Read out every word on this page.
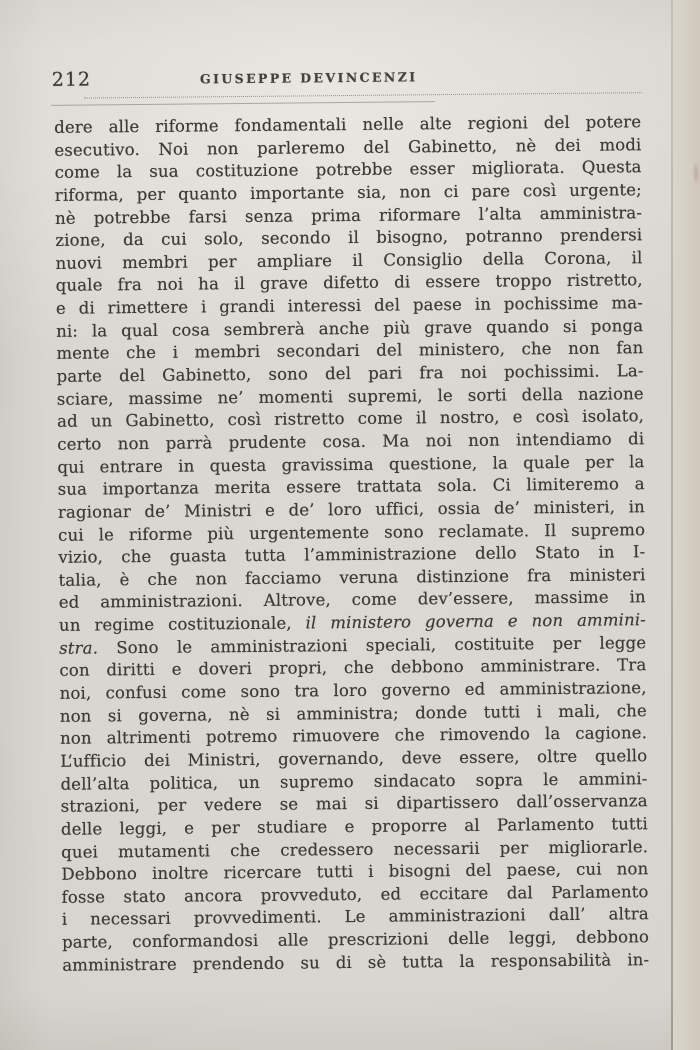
212	GIUSEPPE DEVINCENZI
dere alle riforme fondamentali nelle alte regioni del potere
esecutivo. Noi non parleremo del Gabinetto, nè dei modi
come la sua costituzione potrebbe esser migliorata. Questa
riforma, per quanto importante sia, non ci pare così urgente;
nè potrebbe farsi senza prima riformare l’alta amministra-
zione, da cui solo, secondo il bisogno, potranno prendersi
nuovi membri per ampliare il Consiglio della Corona, il
quale fra noi ha il grave difetto di essere troppo ristretto,
e di rimettere i grandi interessi del paese in pochissime ma-
ni: la qual cosa sembrerà anche più grave quando si ponga
mente che i membri secondari del ministero, che non fan
parte del Gabinetto, sono del pari fra noi pochissimi. La-
sciare, massime ne’ momenti supremi, le sorti della nazione
ad un Gabinetto, così ristretto come il nostro, e così isolato,
certo non parrà prudente cosa. Ma noi non intendiamo di
qui entrare in questa gravissima questione, la quale per la
sua importanza merita essere trattata sola. Ci limiteremo a
ragionar de’ Ministri e de’ loro uffici, ossia de’ ministeri, in
cui le riforme più urgentemente sono reclamate. Il supremo
vizio, che guasta tutta l’amministrazione dello Stato in I-
talia, è che non facciamo veruna distinzione fra ministeri
ed amministrazioni. Altrove, come dev’essere, massime in
un regime costituzionale, il ministero governa e non ammini-
stra. Sono le amministrazioni speciali, costituite per legge
con diritti e doveri propri, che debbono amministrare. Tra
noi, confusi come sono tra loro governo ed amministrazione,
non si governa, nè si amministra; donde tutti i mali, che
non altrimenti potremo rimuovere che rimovendo la cagione.
L’ufficio dei Ministri, governando, deve essere, oltre quello
dell’alta politica, un supremo sindacato sopra le ammini-
strazioni, per vedere se mai si dipartissero dall’osservanza
delle leggi, e per studiare e proporre al Parlamento tutti
quei mutamenti che credessero necessarii per migliorarle.
Debbono inoltre ricercare tutti i bisogni del paese, cui non
fosse stato ancora provveduto, ed eccitare dal Parlamento
i necessari provvedimenti. Le amministrazioni dall’ altra
parte, conformandosi alle prescrizioni delle leggi, debbono
amministrare prendendo su di sè tutta la responsabilità in-
